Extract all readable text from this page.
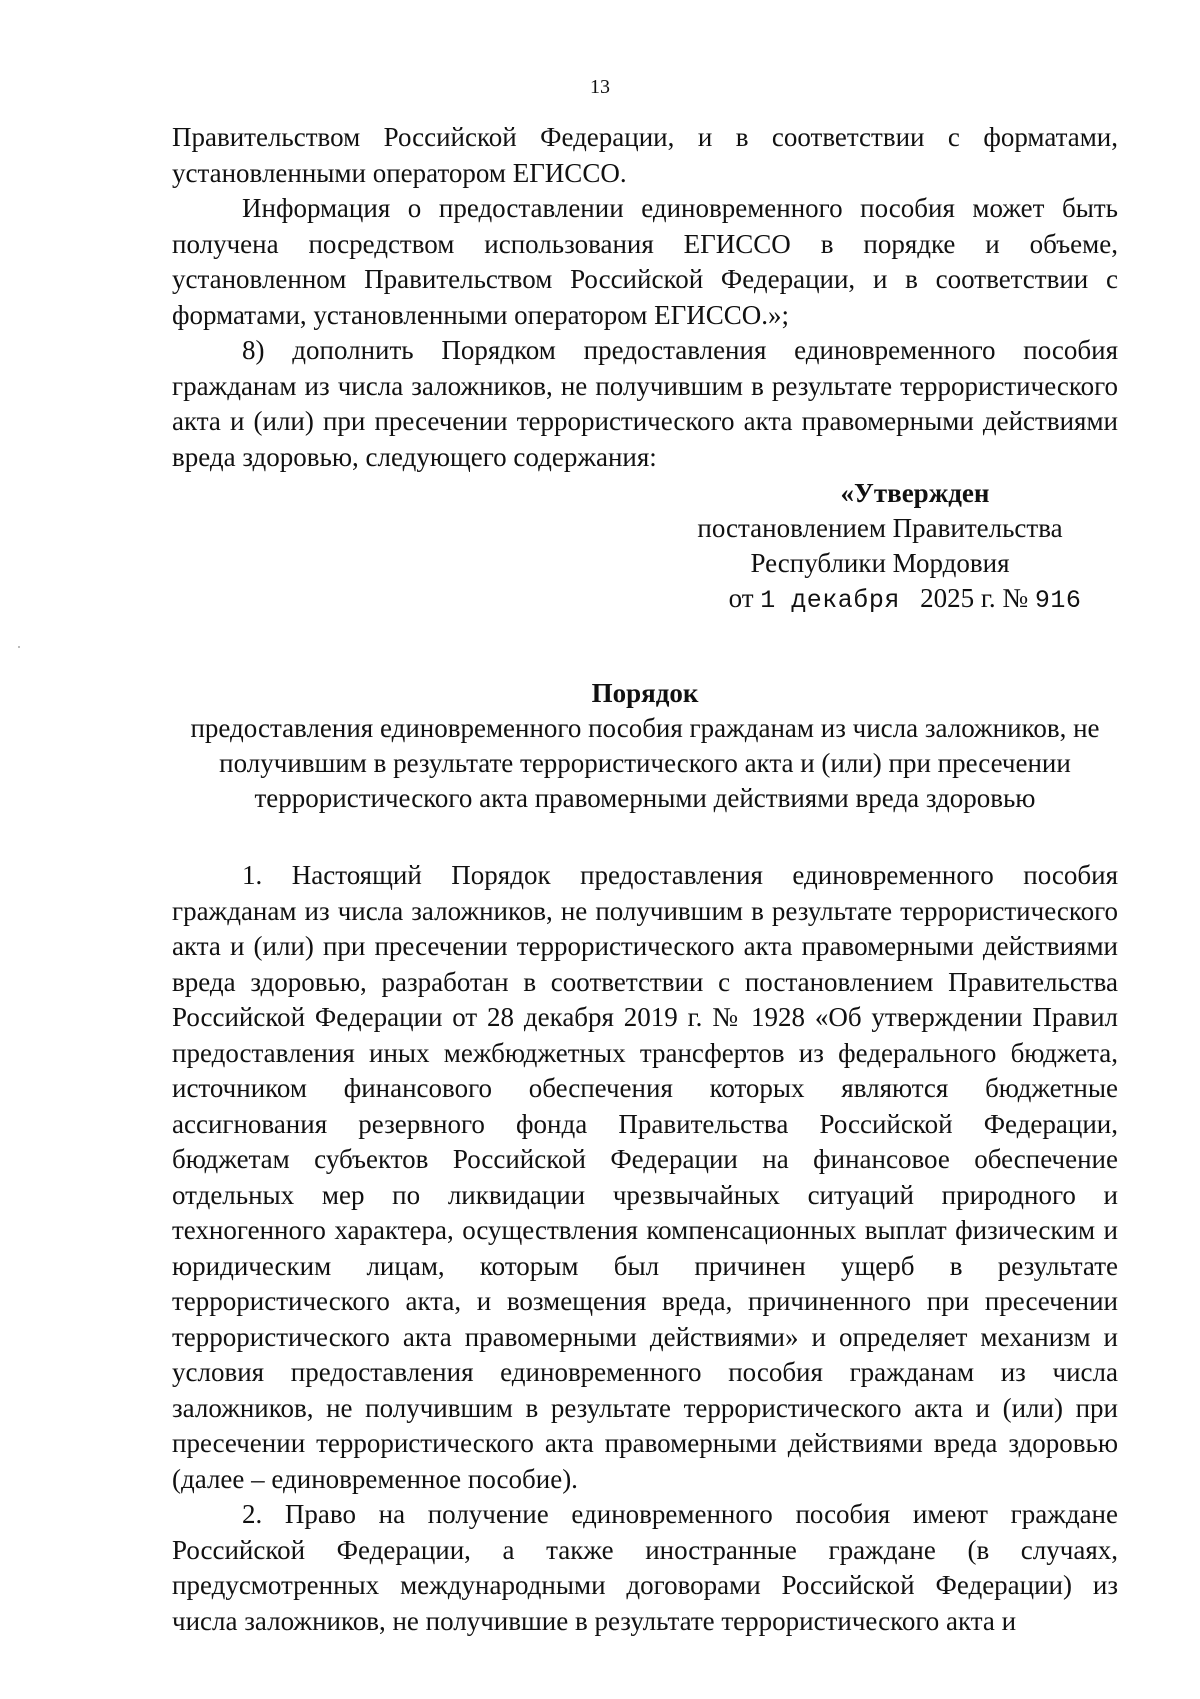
13

Правительством Российской Федерации, и в соответствии с форматами, установленными оператором ЕГИССО.

Информация о предоставлении единовременного пособия может быть получена посредством использования ЕГИССО в порядке и объеме, установленном Правительством Российской Федерации, и в соответствии с форматами, установленными оператором ЕГИССО.»;

8) дополнить Порядком предоставления единовременного пособия гражданам из числа заложников, не получившим в результате террористического акта и (или) при пресечении террористического акта правомерными действиями вреда здоровью, следующего содержания:

«Утвержден
постановлением Правительства
Республики Мордовия
от 1 декабря 2025 г. № 916
Порядок
предоставления единовременного пособия гражданам из числа заложников, не получившим в результате террористического акта и (или) при пресечении террористического акта правомерными действиями вреда здоровью

1. Настоящий Порядок предоставления единовременного пособия гражданам из числа заложников, не получившим в результате террористического акта и (или) при пресечении террористического акта правомерными действиями вреда здоровью, разработан в соответствии с постановлением Правительства Российской Федерации от 28 декабря 2019 г. № 1928 «Об утверждении Правил предоставления иных межбюджетных трансфертов из федерального бюджета, источником финансового обеспечения которых являются бюджетные ассигнования резервного фонда Правительства Российской Федерации, бюджетам субъектов Российской Федерации на финансовое обеспечение отдельных мер по ликвидации чрезвычайных ситуаций природного и техногенного характера, осуществления компенсационных выплат физическим и юридическим лицам, которым был причинен ущерб в результате террористического акта, и возмещения вреда, причиненного при пресечении террористического акта правомерными действиями» и определяет механизм и условия предоставления единовременного пособия гражданам из числа заложников, не получившим в результате террористического акта и (или) при пресечении террористического акта правомерными действиями вреда здоровью (далее – единовременное пособие).

2. Право на получение единовременного пособия имеют граждане Российской Федерации, а также иностранные граждане (в случаях, предусмотренных международными договорами Российской Федерации) из числа заложников, не получившие в результате террористического акта и
